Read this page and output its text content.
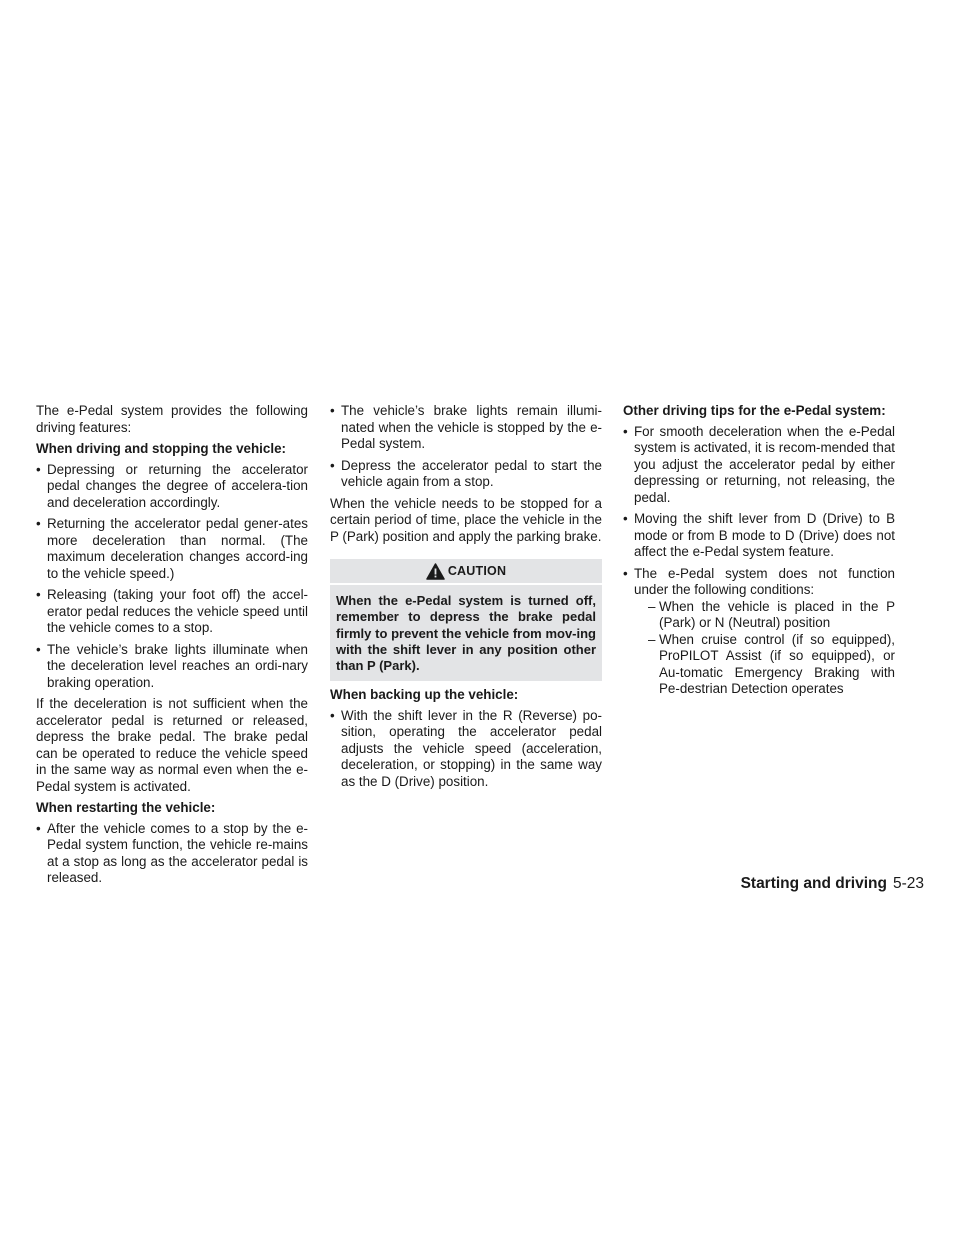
The e-Pedal system provides the following driving features:

When driving and stopping the vehicle:

• Depressing or returning the accelerator pedal changes the degree of accelera-tion and deceleration accordingly.
• Returning the accelerator pedal gener-ates more deceleration than normal. (The maximum deceleration changes accord-ing to the vehicle speed.)
• Releasing (taking your foot off) the accel-erator pedal reduces the vehicle speed until the vehicle comes to a stop.
• The vehicle’s brake lights illuminate when the deceleration level reaches an ordi-nary braking operation.

If the deceleration is not sufficient when the accelerator pedal is returned or released, depress the brake pedal. The brake pedal can be operated to reduce the vehicle speed in the same way as normal even when the e-Pedal system is activated.

When restarting the vehicle:

• After the vehicle comes to a stop by the e-Pedal system function, the vehicle re-mains at a stop as long as the accelerator pedal is released.
• The vehicle’s brake lights remain illumi-nated when the vehicle is stopped by the e-Pedal system.
• Depress the accelerator pedal to start the vehicle again from a stop.

When the vehicle needs to be stopped for a certain period of time, place the vehicle in the P (Park) position and apply the parking brake.

CAUTION
When the e-Pedal system is turned off, remember to depress the brake pedal firmly to prevent the vehicle from mov-ing with the shift lever in any position other than P (Park).

When backing up the vehicle:

• With the shift lever in the R (Reverse) po-sition, operating the accelerator pedal adjusts the vehicle speed (acceleration, deceleration, or stopping) in the same way as the D (Drive) position.

Other driving tips for the e-Pedal system:

• For smooth deceleration when the e-Pedal system is activated, it is recom-mended that you adjust the accelerator pedal by either depressing or returning, not releasing, the pedal.
• Moving the shift lever from D (Drive) to B mode or from B mode to D (Drive) does not affect the e-Pedal system feature.
• The e-Pedal system does not function under the following conditions:
– When the vehicle is placed in the P (Park) or N (Neutral) position
– When cruise control (if so equipped), ProPILOT Assist (if so equipped), or Au-tomatic Emergency Braking with Pe-destrian Detection operates
Starting and driving 5-23
